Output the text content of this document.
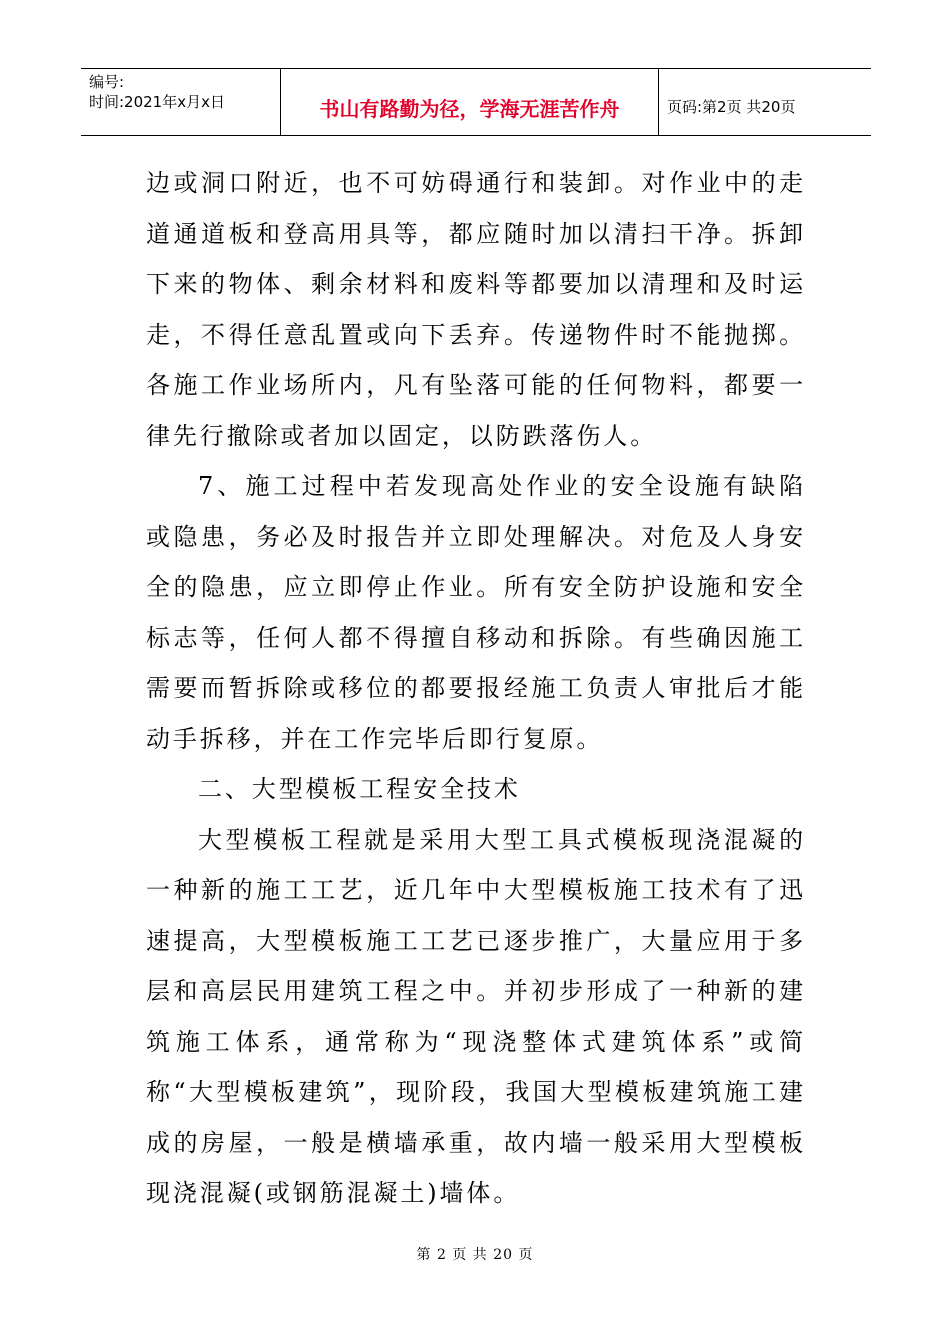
编号:
时间:2021年x月x日	书山有路勤为径，学海无涯苦作舟	页码:第2页 共20页

边或洞口附近，也不可妨碍通行和装卸。对作业中的走道通道板和登高用具等，都应随时加以清扫干净。拆卸下来的物体、剩余材料和废料等都要加以清理和及时运走，不得任意乱置或向下丢弃。传递物件时不能抛掷。各施工作业场所内，凡有坠落可能的任何物料，都要一律先行撤除或者加以固定，以防跌落伤人。

7、施工过程中若发现高处作业的安全设施有缺陷或隐患，务必及时报告并立即处理解决。对危及人身安全的隐患，应立即停止作业。所有安全防护设施和安全标志等，任何人都不得擅自移动和拆除。有些确因施工需要而暂拆除或移位的都要报经施工负责人审批后才能动手拆移，并在工作完毕后即行复原。

二、大型模板工程安全技术

大型模板工程就是采用大型工具式模板现浇混凝的一种新的施工工艺，近几年中大型模板施工技术有了迅速提高，大型模板施工工艺已逐步推广，大量应用于多层和高层民用建筑工程之中。并初步形成了一种新的建筑施工体系，通常称为“现浇整体式建筑体系”或简称“大型模板建筑”，现阶段，我国大型模板建筑施工建成的房屋，一般是横墙承重，故内墙一般采用大型模板现浇混凝(或钢筋混凝土)墙体。

第 2 页 共 20 页
